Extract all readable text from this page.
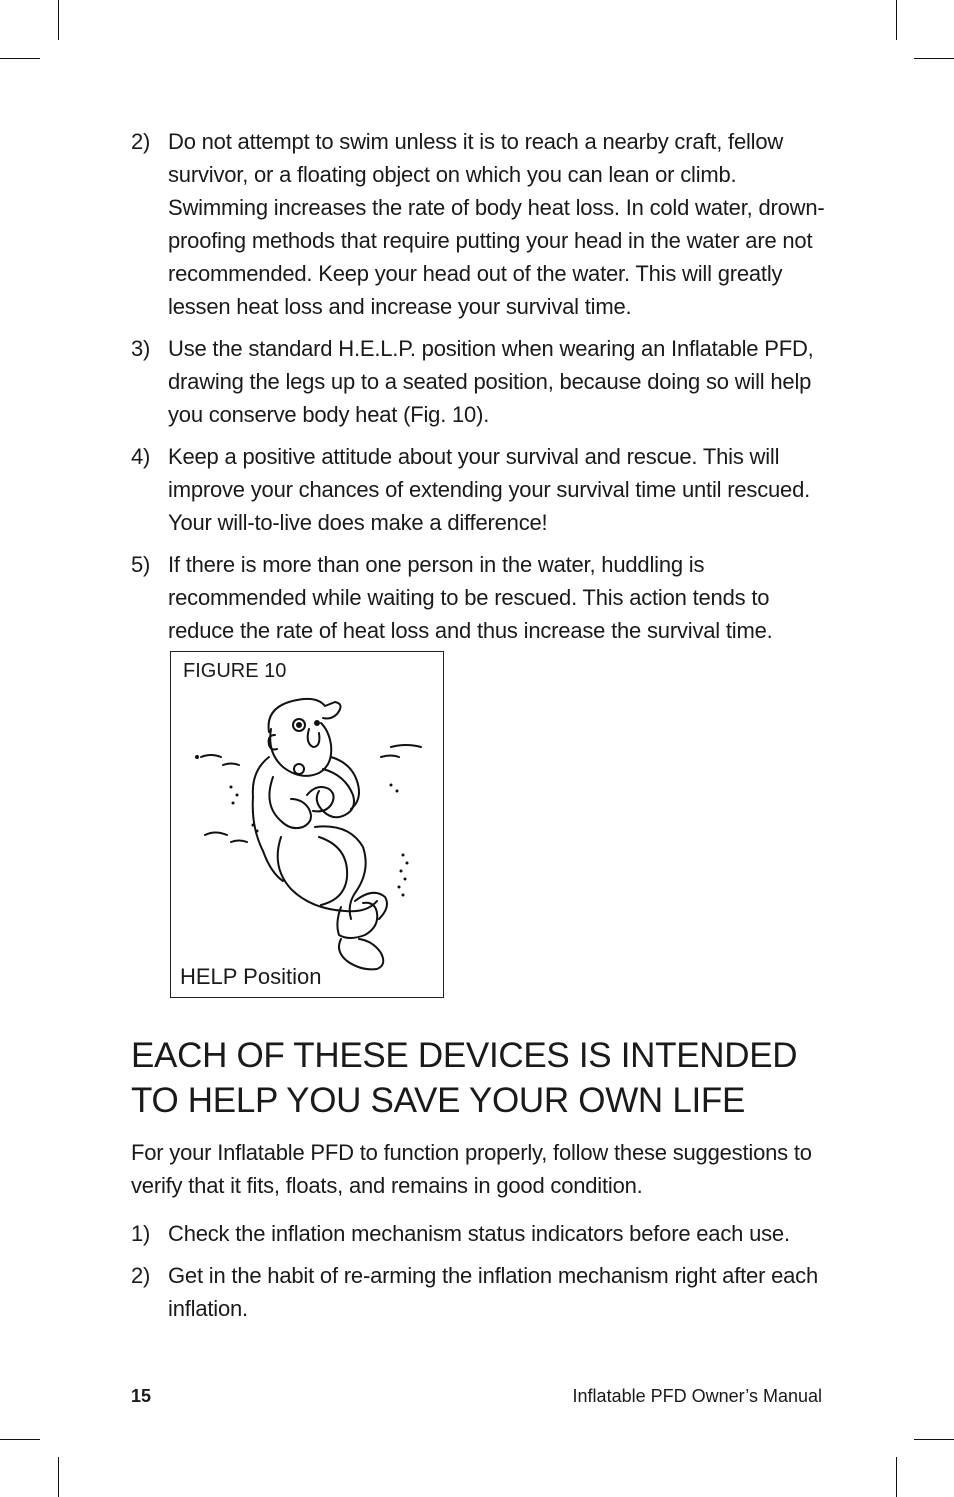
2) Do not attempt to swim unless it is to reach a nearby craft, fellow survivor, or a floating object on which you can lean or climb. Swimming increases the rate of body heat loss. In cold water, drown-proofing methods that require putting your head in the water are not recommended. Keep your head out of the water. This will greatly lessen heat loss and increase your survival time.
3) Use the standard H.E.L.P. position when wearing an Inflatable PFD, drawing the legs up to a seated position, because doing so will help you conserve body heat (Fig. 10).
4) Keep a positive attitude about your survival and rescue. This will improve your chances of extending your survival time until rescued. Your will-to-live does make a difference!
5) If there is more than one person in the water, huddling is recommended while waiting to be rescued. This action tends to reduce the rate of heat loss and thus increase the survival time.
FIGURE 10
HELP Position
EACH OF THESE DEVICES IS INTENDED TO HELP YOU SAVE YOUR OWN LIFE

For your Inflatable PFD to function properly, follow these suggestions to verify that it fits, floats, and remains in good condition.

1) Check the inflation mechanism status indicators before each use.
2) Get in the habit of re-arming the inflation mechanism right after each inflation.
15	Inflatable PFD Owner’s Manual
